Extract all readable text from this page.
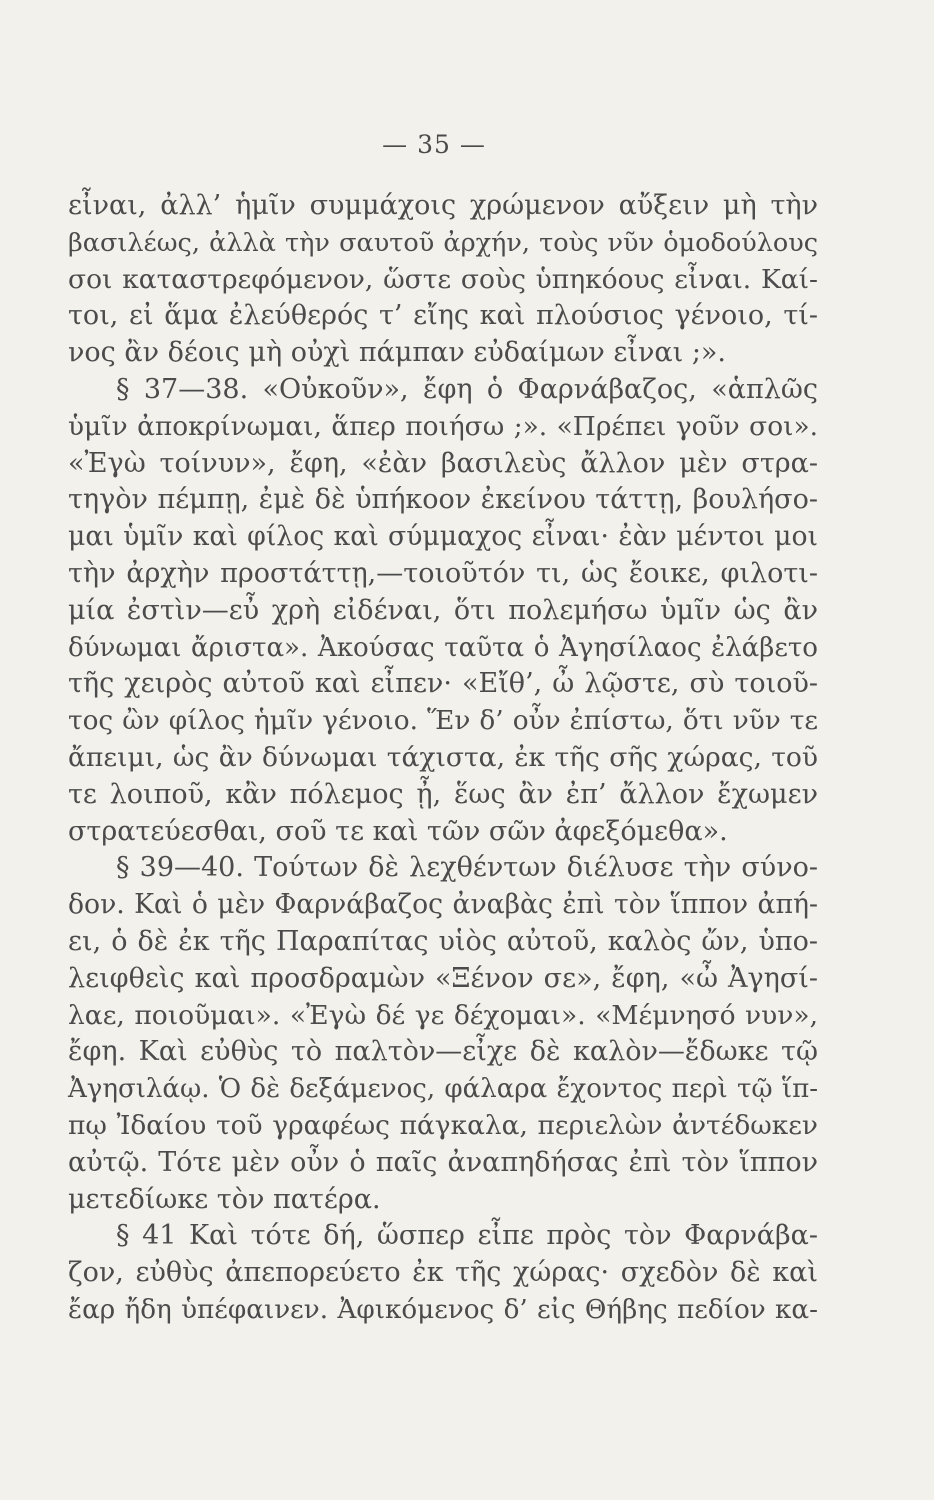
— 35 —
εἶναι, ἀλλ’ ἡμῖν συμμάχοις χρώμενον αὔξειν μὴ τὴν
βασιλέως, ἀλλὰ τὴν σαυτοῦ ἀρχήν, τοὺς νῦν ὁμοδούλους
σοι καταστρεφόμενον, ὥστε σοὺς ὑπηκόους εἶναι. Καί-
τοι, εἰ ἅμα ἐλεύθερός τ’ εἴης καὶ πλούσιος γένοιο, τί-
νος ἂν δέοις μὴ οὐχὶ πάμπαν εὐδαίμων εἶναι ;».
§ 37—38. «Οὐκοῦν», ἔφη ὁ Φαρνάβαζος, «ἁπλῶς
ὑμῖν ἀποκρίνωμαι, ἅπερ ποιήσω ;». «Πρέπει γοῦν σοι».
«Ἐγὼ τοίνυν», ἔφη, «ἐὰν βασιλεὺς ἄλλον μὲν στρα-
τηγὸν πέμπῃ, ἐμὲ δὲ ὑπήκοον ἐκείνου τάττῃ, βουλήσο-
μαι ὑμῖν καὶ φίλος καὶ σύμμαχος εἶναι· ἐὰν μέντοι μοι
τὴν ἀρχὴν προστάττῃ,—τοιοῦτόν τι, ὡς ἔοικε, φιλοτι-
μία ἐστὶν—εὖ χρὴ εἰδέναι, ὅτι πολεμήσω ὑμῖν ὡς ἂν
δύνωμαι ἄριστα». Ἀκούσας ταῦτα ὁ Ἀγησίλαος ἐλάβετο
τῆς χειρὸς αὐτοῦ καὶ εἶπεν· «Εἴθ’, ὦ λῷστε, σὺ τοιοῦ-
τος ὢν φίλος ἡμῖν γένοιο. Ἕν δ’ οὖν ἐπίστω, ὅτι νῦν τε
ἄπειμι, ὡς ἂν δύνωμαι τάχιστα, ἐκ τῆς σῆς χώρας, τοῦ
τε λοιποῦ, κἂν πόλεμος ᾖ, ἕως ἂν ἐπ’ ἄλλον ἔχωμεν
στρατεύεσθαι, σοῦ τε καὶ τῶν σῶν ἀφεξόμεθα».
§ 39—40. Τούτων δὲ λεχθέντων διέλυσε τὴν σύνο-
δον. Καὶ ὁ μὲν Φαρνάβαζος ἀναβὰς ἐπὶ τὸν ἵππον ἀπή-
ει, ὁ δὲ ἐκ τῆς Παραπίτας υἱὸς αὐτοῦ, καλὸς ὤν, ὑπο-
λειφθεὶς καὶ προσδραμὼν «Ξένον σε», ἔφη, «ὦ Ἀγησί-
λαε, ποιοῦμαι». «Ἐγὼ δέ γε δέχομαι». «Μέμνησό νυν»,
ἔφη. Καὶ εὐθὺς τὸ παλτὸν—εἶχε δὲ καλὸν—ἔδωκε τῷ
Ἀγησιλάῳ. Ὁ δὲ δεξάμενος, φάλαρα ἔχοντος περὶ τῷ ἵπ-
πῳ Ἰδαίου τοῦ γραφέως πάγκαλα, περιελὼν ἀντέδωκεν
αὐτῷ. Τότε μὲν οὖν ὁ παῖς ἀναπηδήσας ἐπὶ τὸν ἵππον
μετεδίωκε τὸν πατέρα.
§ 41 Καὶ τότε δή, ὥσπερ εἶπε πρὸς τὸν Φαρνάβα-
ζον, εὐθὺς ἀπεπορεύετο ἐκ τῆς χώρας· σχεδὸν δὲ καὶ
ἔαρ ἤδη ὑπέφαινεν. Ἀφικόμενος δ’ εἰς Θήβης πεδίον κα-
